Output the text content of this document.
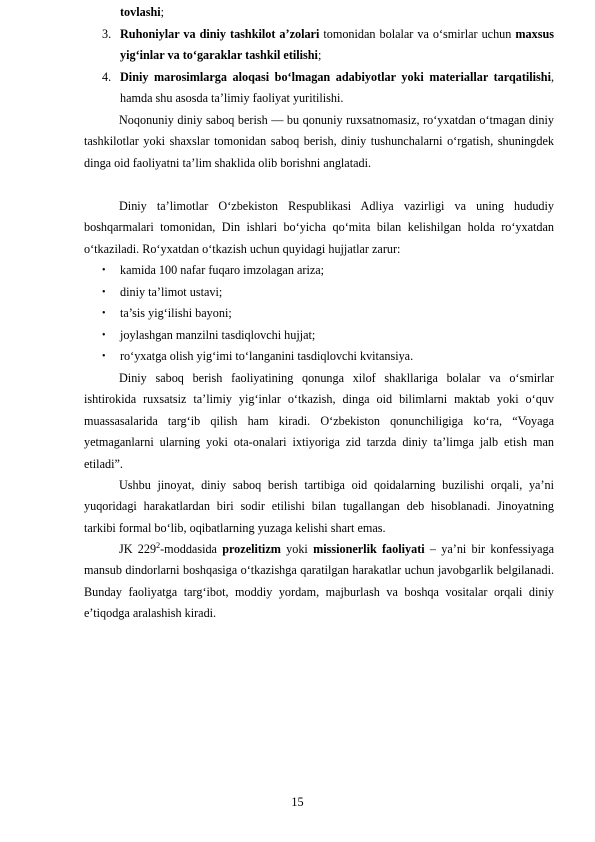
tovlashi;
3. Ruhoniylar va diniy tashkilot a’zolari tomonidan bolalar va o‘smirlar uchun maxsus yig‘inlar va to‘garaklar tashkil etilishi;
4. Diniy marosimlarga aloqasi bo‘lmagan adabiyotlar yoki materiallar tarqatilishi, hamda shu asosda ta’limiy faoliyat yuritilishi.

Noqonuniy diniy saboq berish — bu qonuniy ruxsatnomasiz, ro‘yxatdan o‘tmagan diniy tashkilotlar yoki shaxslar tomonidan saboq berish, diniy tushunchalarni o‘rgatish, shuningdek dinga oid faoliyatni ta’lim shaklida olib borishni anglatadi.

Diniy ta’limotlar O‘zbekiston Respublikasi Adliya vazirligi va uning hududiy boshqarmalari tomonidan, Din ishlari bo‘yicha qo‘mita bilan kelishilgan holda ro‘yxatdan o‘tkaziladi. Ro‘yxatdan o‘tkazish uchun quyidagi hujjatlar zarur:

•	kamida 100 nafar fuqaro imzolagan ariza;
•	diniy ta’limot ustavi;
•	ta’sis yig‘ilishi bayoni;
•	joylashgan manzilni tasdiqlovchi hujjat;
•	ro‘yxatga olish yig‘imi to‘langanini tasdiqlovchi kvitansiya.

Diniy saboq berish faoliyatining qonunga xilof shakllariga bolalar va o‘smirlar ishtirokida ruxsatsiz ta’limiy yig‘inlar o‘tkazish, dinga oid bilimlarni maktab yoki o‘quv muassasalarida targ‘ib qilish ham kiradi. O‘zbekiston qonunchiligiga ko‘ra, “Voyaga yetmaganlarni ularning yoki ota-onalari ixtiyoriga zid tarzda diniy ta’limga jalb etish man etiladi”.

Ushbu jinoyat, diniy saboq berish tartibiga oid qoidalarning buzilishi orqali, ya’ni yuqoridagi harakatlardan biri sodir etilishi bilan tugallangan deb hisoblanadi. Jinoyatning tarkibi formal bo‘lib, oqibatlarning yuzaga kelishi shart emas.

JK $229^2$-moddasida prozelitizm yoki missionerlik faoliyati – ya’ni bir konfessiyaga mansub dindorlarni boshqasiga o‘tkazishga qaratilgan harakatlar uchun javobgarlik belgilanadi. Bunday faoliyatga targ‘ibot, moddiy yordam, majburlash va boshqa vositalar orqali diniy e’tiqodga aralashish kiradi.

15
